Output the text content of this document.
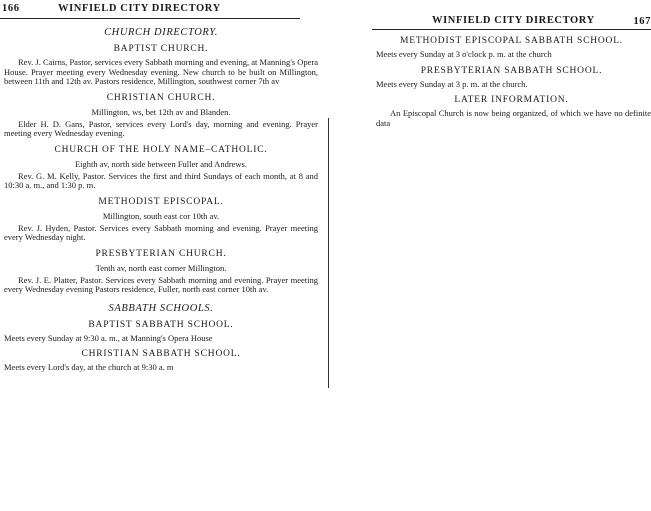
166	WINFIELD CITY DIRECTORY
CHURCH DIRECTORY.
BAPTIST CHURCH.
Rev. J. Cairns, Pastor, services every Sabbath morning and evening, at Manning's Opera House. Prayer meeting every Wednesday evening. New church to be built on Millington, between 11th and 12th av. Pastors residence, Millington, southwest corner 7th av
CHRISTIAN CHURCH.
Millington, ws, bet 12th av and Blanden.
Elder H. D. Gans, Pastor, services every Lord's day, morning and evening. Prayer meeting every Wednesday evening.
CHURCH OF THE HOLY NAME–CATHOLIC.
Eighth av, north side between Fuller and Andrews.
Rev. G. M. Kelly, Pastor. Services the first and third Sundays of each month, at 8 and 10:30 a. m., and 1:30 p. m.
METHODIST EPISCOPAL.
Millington, south east cor 10th av.
Rev. J. Hyden, Pastor. Services every Sabbath morning and evening. Prayer meeting every Wednesday night.
PRESBYTERIAN CHURCH.
Tenth av, north east corner Millington.
Rev. J. E. Platter, Pastor. Services every Sabbath morning and evening. Prayer meeting every Wednesday evening Pastors residence, Fuller, north east corner 10th av.
SABBATH SCHOOLS.
BAPTIST SABBATH SCHOOL.
Meets every Sunday at 9:30 a. m., at Manning's Opera House
CHRISTIAN SABBATH SCHOOL.
Meets every Lord's day, at the church at 9:30 a. m
WINFIELD CITY DIRECTORY	167
METHODIST EPISCOPAL SABBATH SCHOOL.
Meets every Sunday at 3 o'clock p. m. at the church
PRESBYTERIAN SABBATH SCHOOL.
Meets every Sunday at 3 p. m. at the church.
LATER INFORMATION.
An Episcopal Church is now being organized, of which we have no definite data
